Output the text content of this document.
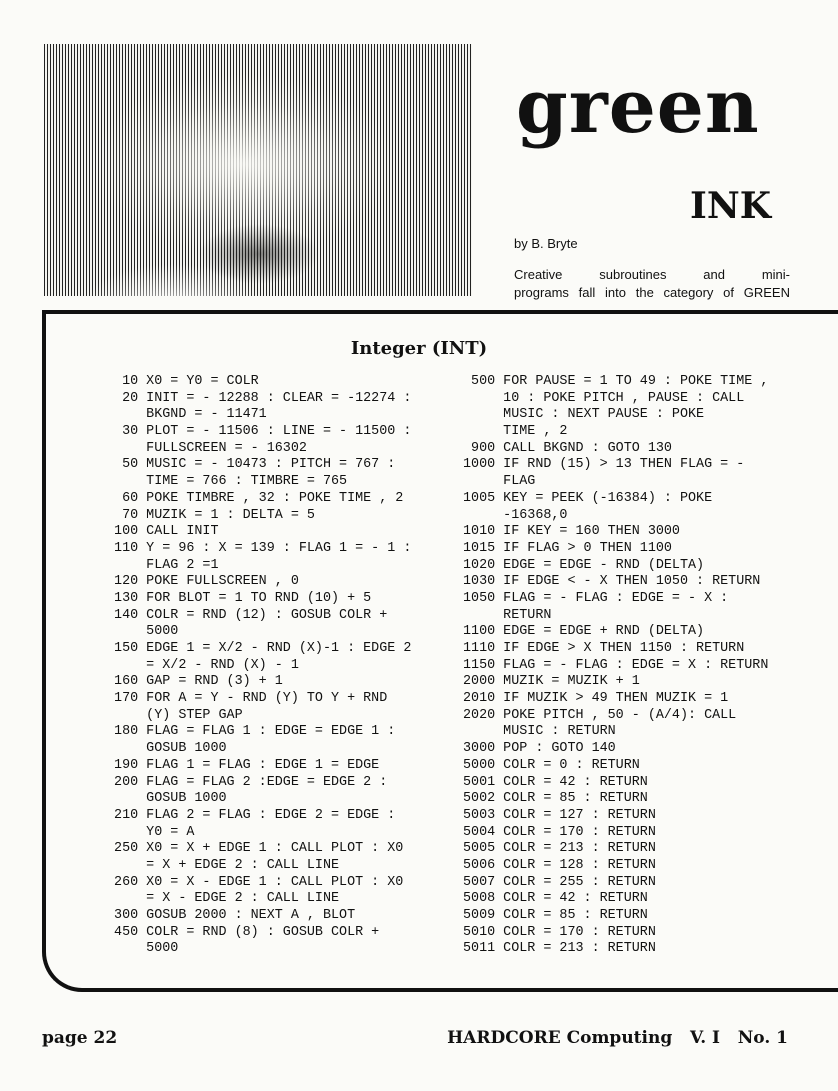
green
INK
by B. Bryte
Creative subroutines and mini-
programs fall into the category of GREEN
Integer (INT)
10 X0 = Y0 = COLR
20 INIT = - 12288 : CLEAR = -12274 :
BKGND = - 11471
30 PLOT = - 11506 : LINE = - 11500 :
FULLSCREEN = - 16302
50 MUSIC = - 10473 : PITCH = 767 :
TIME = 766 : TIMBRE = 765
60 POKE TIMBRE , 32 : POKE TIME , 2
70 MUZIK = 1 : DELTA = 5
100 CALL INIT
110 Y = 96 : X = 139 : FLAG 1 = - 1 :
FLAG 2 =1
120 POKE FULLSCREEN , 0
130 FOR BLOT = 1 TO RND (10) + 5
140 COLR = RND (12) : GOSUB COLR +
5000
150 EDGE 1 = X/2 - RND (X)-1 : EDGE 2
= X/2 - RND (X) - 1
160 GAP = RND (3) + 1
170 FOR A = Y - RND (Y) TO Y + RND
(Y) STEP GAP
180 FLAG = FLAG 1 : EDGE = EDGE 1 :
GOSUB 1000
190 FLAG 1 = FLAG : EDGE 1 = EDGE
200 FLAG = FLAG 2 :EDGE = EDGE 2 :
GOSUB 1000
210 FLAG 2 = FLAG : EDGE 2 = EDGE :
Y0 = A
250 X0 = X + EDGE 1 : CALL PLOT : X0
= X + EDGE 2 : CALL LINE
260 X0 = X - EDGE 1 : CALL PLOT : X0
= X - EDGE 2 : CALL LINE
300 GOSUB 2000 : NEXT A , BLOT
450 COLR = RND (8) : GOSUB COLR +
5000
500 FOR PAUSE = 1 TO 49 : POKE TIME ,
10 : POKE PITCH , PAUSE : CALL
MUSIC : NEXT PAUSE : POKE
TIME , 2
900 CALL BKGND : GOTO 130
1000 IF RND (15) > 13 THEN FLAG = -
FLAG
1005 KEY = PEEK (-16384) : POKE
-16368,0
1010 IF KEY = 160 THEN 3000
1015 IF FLAG > 0 THEN 1100
1020 EDGE = EDGE - RND (DELTA)
1030 IF EDGE < - X THEN 1050 : RETURN
1050 FLAG = - FLAG : EDGE = - X :
RETURN
1100 EDGE = EDGE + RND (DELTA)
1110 IF EDGE > X THEN 1150 : RETURN
1150 FLAG = - FLAG : EDGE = X : RETURN
2000 MUZIK = MUZIK + 1
2010 IF MUZIK > 49 THEN MUZIK = 1
2020 POKE PITCH , 50 - (A/4): CALL
MUSIC : RETURN
3000 POP : GOTO 140
5000 COLR = 0 : RETURN
5001 COLR = 42 : RETURN
5002 COLR = 85 : RETURN
5003 COLR = 127 : RETURN
5004 COLR = 170 : RETURN
5005 COLR = 213 : RETURN
5006 COLR = 128 : RETURN
5007 COLR = 255 : RETURN
5008 COLR = 42 : RETURN
5009 COLR = 85 : RETURN
5010 COLR = 170 : RETURN
5011 COLR = 213 : RETURN
page 22	HARDCORE Computing   V. I   No. 1
